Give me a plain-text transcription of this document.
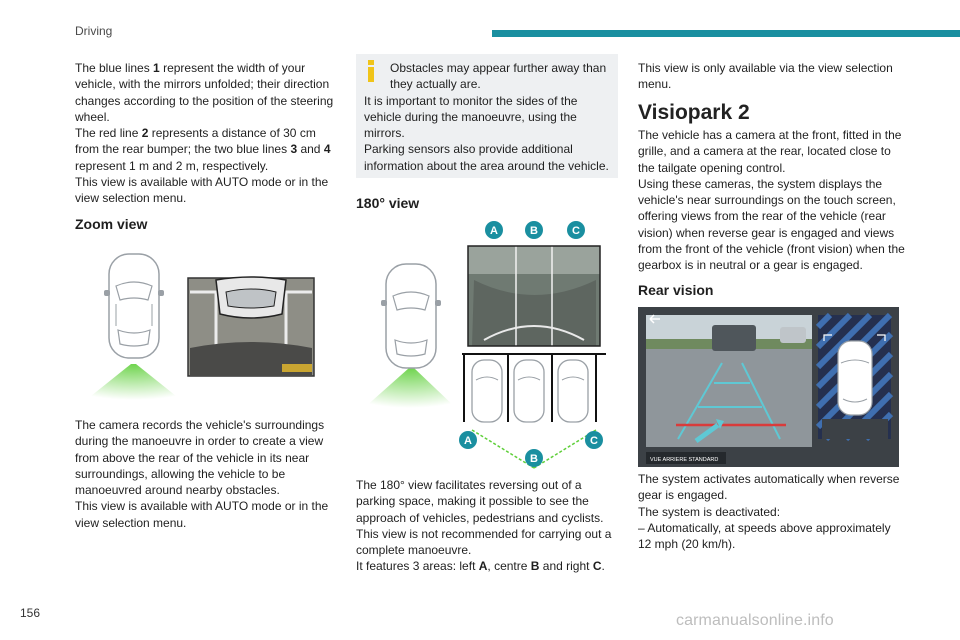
Driving

The blue lines 1 represent the width of your vehicle, with the mirrors unfolded; their direction changes according to the position of the steering wheel.

The red line 2 represents a distance of 30 cm from the rear bumper; the two blue lines 3 and 4 represent 1 m and 2 m, respectively.

This view is available with AUTO mode or in the view selection menu.

Zoom view

The camera records the vehicle's surroundings during the manoeuvre in order to create a view from above the rear of the vehicle in its near surroundings, allowing the vehicle to be manoeuvred around nearby obstacles.

This view is available with AUTO mode or in the view selection menu.

Obstacles may appear further away than they actually are.

It is important to monitor the sides of the vehicle during the manoeuvre, using the mirrors.

Parking sensors also provide additional information about the area around the vehicle.

180° view
A	B	C
A
B
C

The 180° view facilitates reversing out of a parking space, making it possible to see the approach of vehicles, pedestrians and cyclists. This view is not recommended for carrying out a complete manoeuvre.

It features 3 areas: left A, centre B and right C.

This view is only available via the view selection menu.

Visiopark 2

The vehicle has a camera at the front, fitted in the grille, and a camera at the rear, located close to the tailgate opening control.

Using these cameras, the system displays the vehicle's near surroundings on the touch screen, offering views from the rear of the vehicle (rear vision) when reverse gear is engaged and views from the front of the vehicle (front vision) when the gearbox is in neutral or a gear is engaged.

Rear vision
VUE ARRIERE STANDARD

The system activates automatically when reverse gear is engaged.

The system is deactivated:

– Automatically, at speeds above approximately 12 mph (20 km/h).

156	carmanualsonline.info
